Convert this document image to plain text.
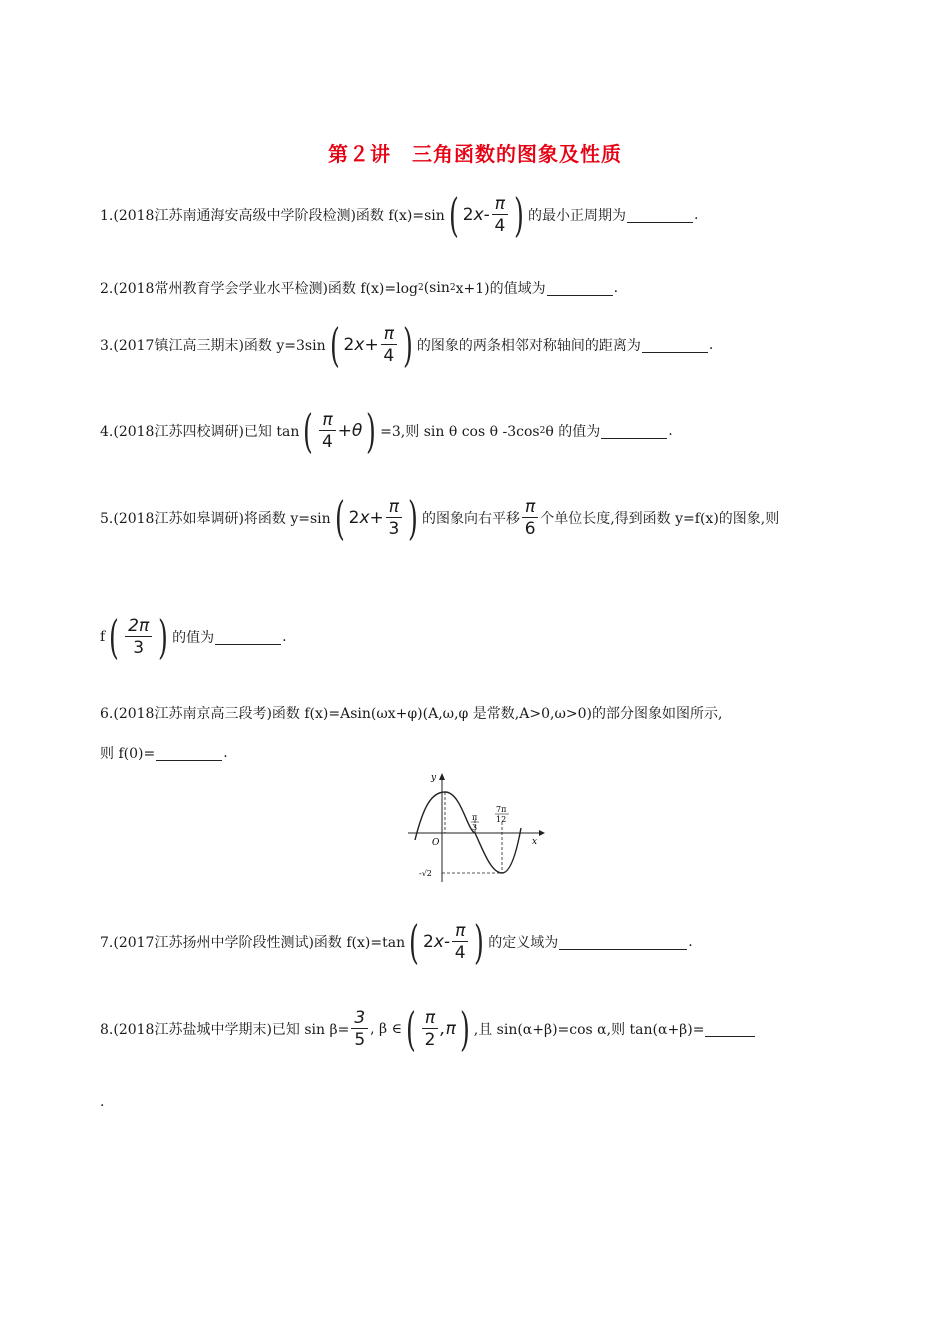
第２讲　三角函数的图象及性质
1.(2018江苏南通海安高级中学阶段检测)函数 f(x)=sin ( 2 x - $\frac{\pi}{4}$ ) 的最小正周期为	.
2.(2018常州教育学会学业水平检测)函数 f(x)=log 2 (sin 2 x+1)的值域为	.
3.(2017镇江高三期末)函数 y=3sin ( 2 $x + \frac{\pi}{4}$ ) 的图象的两条相邻对称轴间的距离为	.
4.(2018江苏四校调研)已知 tan ( $\frac{\pi}{4} + \theta$ ) =3,则 sin θ cos θ -3cos 2 θ 的值为	.
5.(2018江苏如皋调研)将函数 y=sin ( 2 $x + \frac{\pi}{3}$ ) 的图象向右平移 $\frac{\pi}{6}$ 个单位长度,得到函数 y=f(x)的图象,则
f ( $\frac{2\pi}{3}$ ) 的值为	.
6.(2018江苏南京高三段考)函数 f(x)=Asin(ωx+φ)(A,ω,φ 是常数,A>0,ω>0)的部分图象如图所示,
则 f(0)=	.
y
x
O
π
3
7π
12
-√2
7.(2017江苏扬州中学阶段性测试)函数 f(x)=tan ( 2 x - $\frac{\pi}{4}$ ) 的定义域为	.
8.(2018江苏盐城中学期末)已知 $\sin \beta= \frac{3}{5}$ , β ∈ ( $\frac{\pi}{2} ,\pi$ ) ,且 sin(α+β)=cos α,则 tan(α+β)=
.
